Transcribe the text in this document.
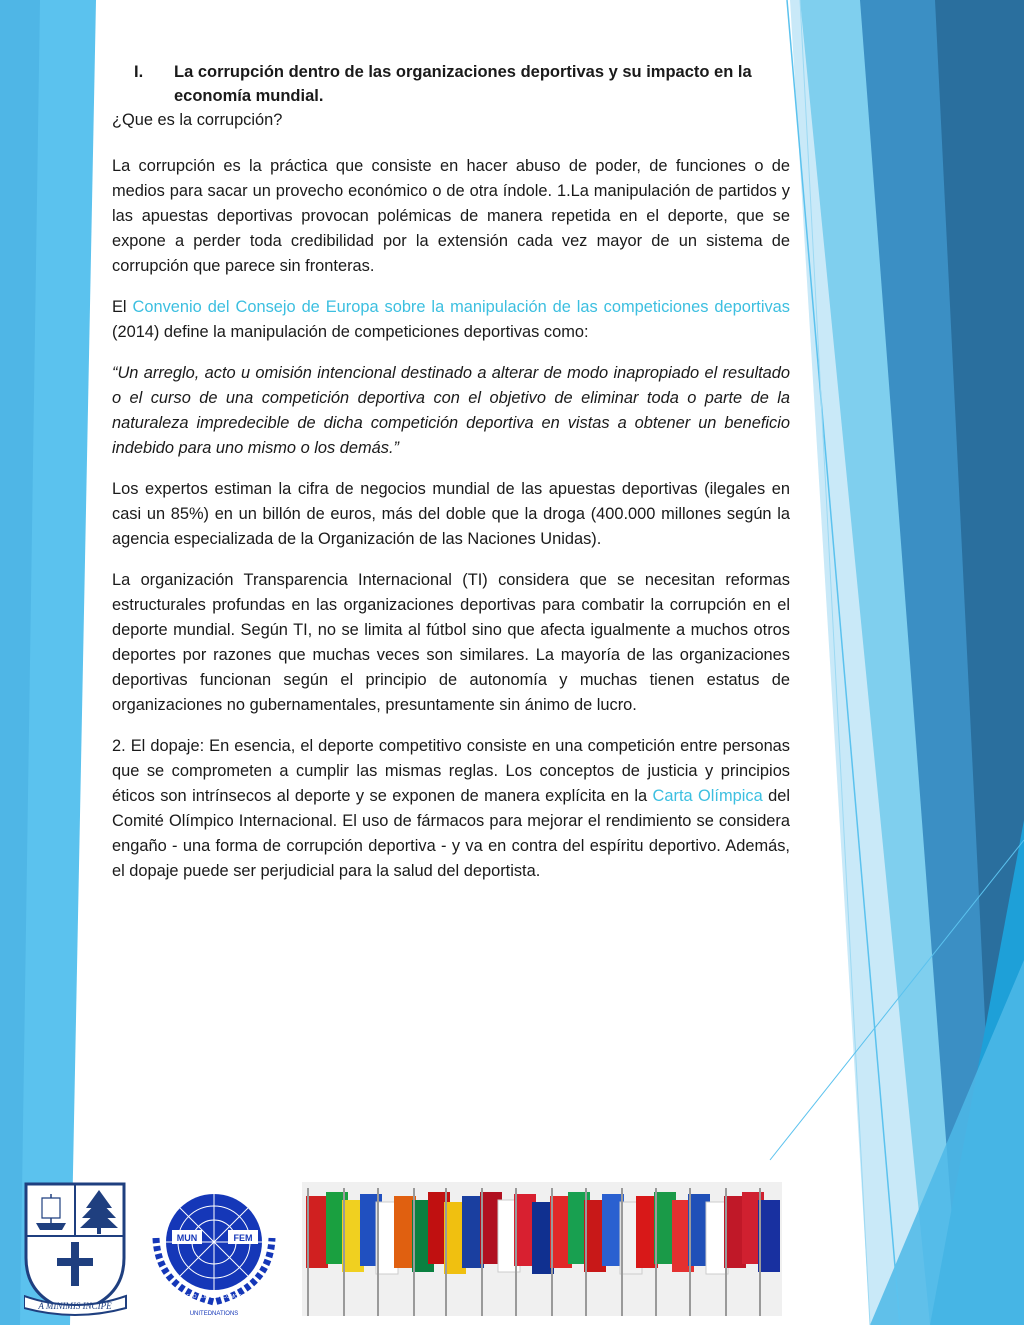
I. La corrupción dentro de las organizaciones deportivas y su impacto en la economía mundial.
¿Que es la corrupción?

La corrupción es la práctica que consiste en hacer abuso de poder, de funciones o de medios para sacar un provecho económico o de otra índole. 1.La manipulación de partidos y las apuestas deportivas provocan polémicas de manera repetida en el deporte, que se expone a perder toda credibilidad por la extensión cada vez mayor de un sistema de corrupción que parece sin fronteras.

El Convenio del Consejo de Europa sobre la manipulación de las competiciones deportivas (2014) define la manipulación de competiciones deportivas como:

“Un arreglo, acto u omisión intencional destinado a alterar de modo inapropiado el resultado o el curso de una competición deportiva con el objetivo de eliminar toda o parte de la naturaleza impredecible de dicha competición deportiva en vistas a obtener un beneficio indebido para uno mismo o los demás.”

Los expertos estiman la cifra de negocios mundial de las apuestas deportivas (ilegales en casi un 85%) en un billón de euros, más del doble que la droga (400.000 millones según la agencia especializada de la Organización de las Naciones Unidas).

La organización Transparencia Internacional (TI) considera que se necesitan reformas estructurales profundas en las organizaciones deportivas para combatir la corrupción en el deporte mundial. Según TI, no se limita al fútbol sino que afecta igualmente a muchos otros deportes por razones que muchas veces son similares. La mayoría de las organizaciones deportivas funcionan según el principio de autonomía y muchas tienen estatus de organizaciones no gubernamentales, presuntamente sin ánimo de lucro.

2. El dopaje: En esencia, el deporte competitivo consiste en una competición entre personas que se comprometen a cumplir las mismas reglas. Los conceptos de justicia y principios éticos son intrínsecos al deporte y se exponen de manera explícita en la Carta Olímpica del Comité Olímpico Internacional. El uso de fármacos para mejorar el rendimiento se considera engaño - una forma de corrupción deportiva - y va en contra del espíritu deportivo. Además, el dopaje puede ser perjudicial para la salud del deportista.

A MINIMIS INCIPE
MUN	FEM
MODELO ALIANZA · COMODORO
UNITEDNATIONS
